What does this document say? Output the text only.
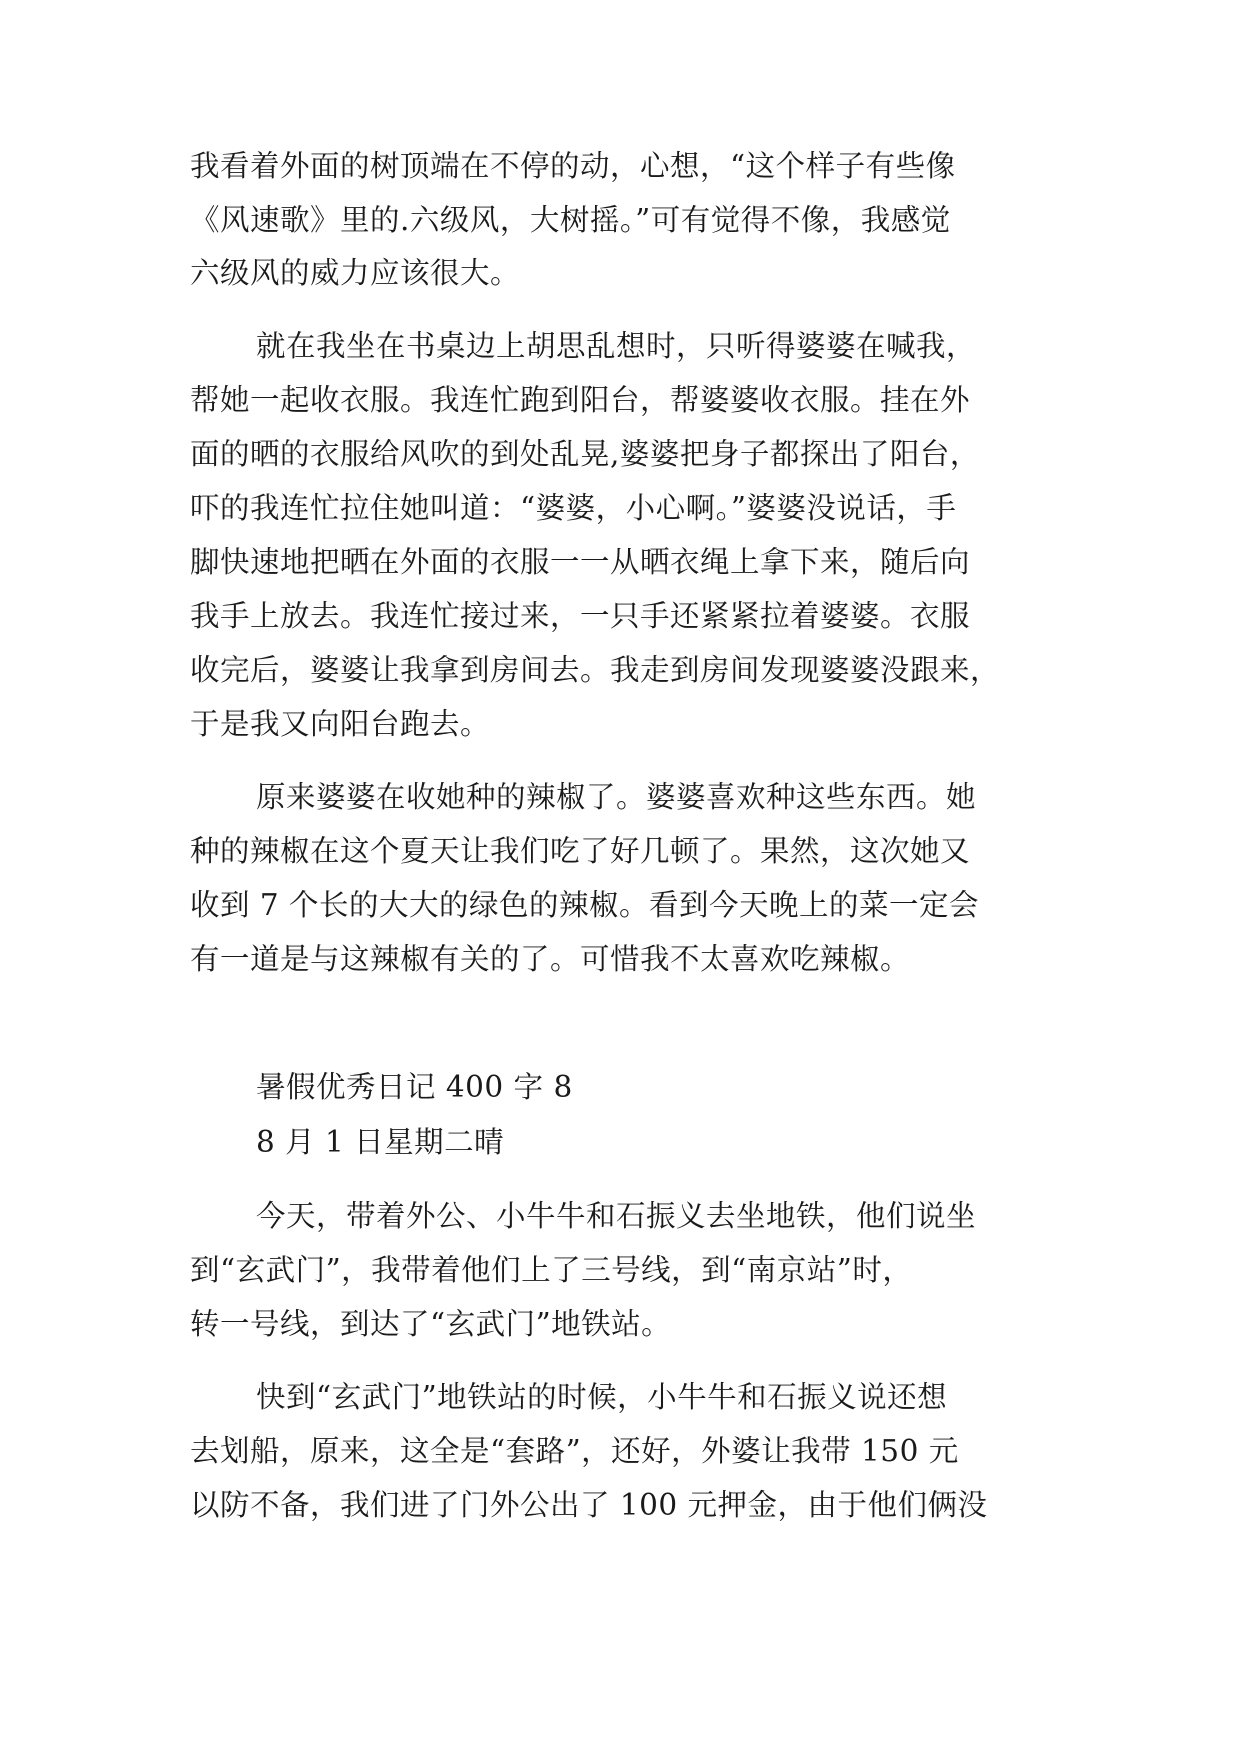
我看着外面的树顶端在不停的动，心想，“这个样子有些像
《风速歌》里的.六级风，大树摇。”可有觉得不像，我感觉
六级风的威力应该很大。
就在我坐在书桌边上胡思乱想时，只听得婆婆在喊我，
帮她一起收衣服。我连忙跑到阳台，帮婆婆收衣服。挂在外
面的晒的衣服给风吹的到处乱晃,婆婆把身子都探出了阳台，
吓的我连忙拉住她叫道：“婆婆，小心啊。”婆婆没说话，手
脚快速地把晒在外面的衣服一一从晒衣绳上拿下来，随后向
我手上放去。我连忙接过来，一只手还紧紧拉着婆婆。衣服
收完后，婆婆让我拿到房间去。我走到房间发现婆婆没跟来，
于是我又向阳台跑去。
原来婆婆在收她种的辣椒了。婆婆喜欢种这些东西。她
种的辣椒在这个夏天让我们吃了好几顿了。果然，这次她又
收到 7 个长的大大的绿色的辣椒。看到今天晚上的菜一定会
有一道是与这辣椒有关的了。可惜我不太喜欢吃辣椒。
暑假优秀日记 400 字 8
8 月 1 日星期二晴
今天，带着外公、小牛牛和石振义去坐地铁，他们说坐
到“玄武门”，我带着他们上了三号线，到“南京站”时，
转一号线，到达了“玄武门”地铁站。
快到“玄武门”地铁站的时候，小牛牛和石振义说还想
去划船，原来，这全是“套路”，还好，外婆让我带 150 元
以防不备，我们进了门外公出了 100 元押金，由于他们俩没
